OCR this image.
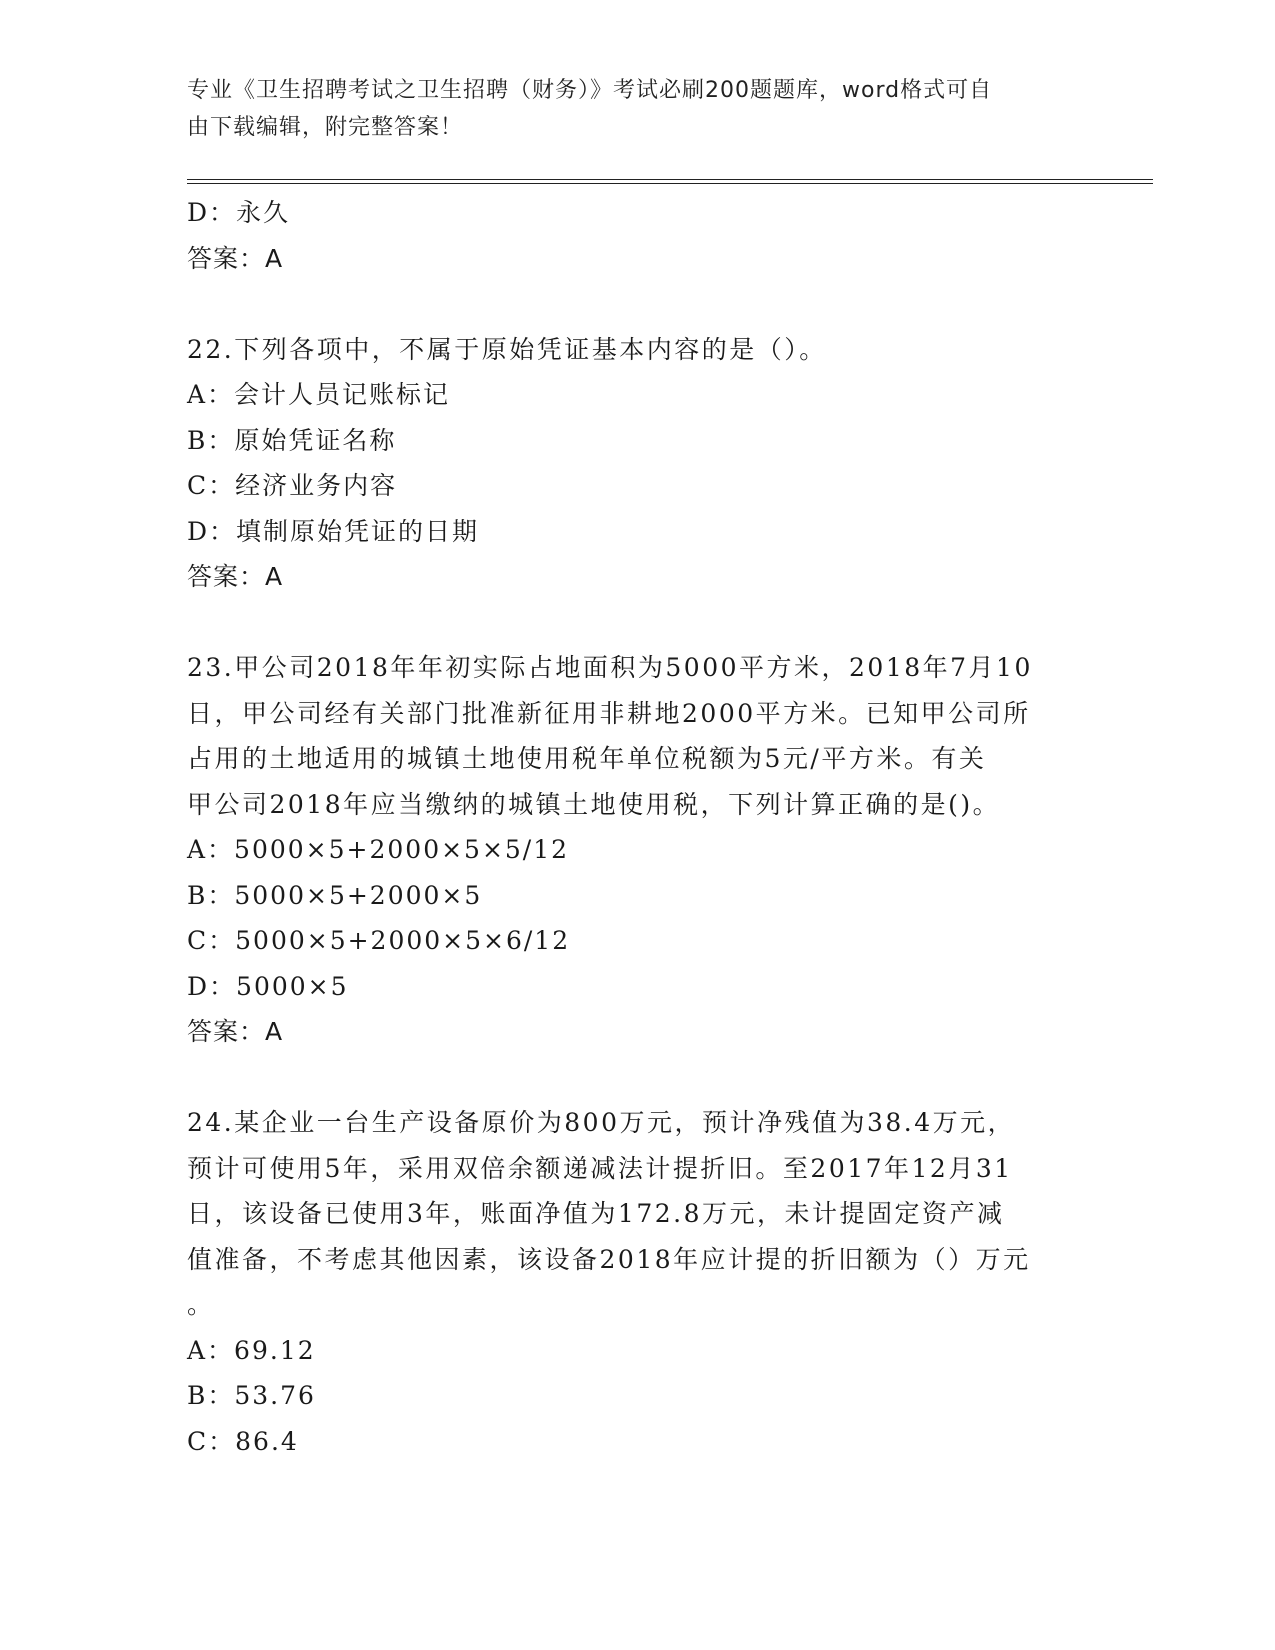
专业《卫生招聘考试之卫生招聘（财务）》考试必刷200题题库，word格式可自
由下载编辑，附完整答案！
D：永久
答案：A
22.下列各项中，不属于原始凭证基本内容的是（）。
A：会计人员记账标记
B：原始凭证名称
C：经济业务内容
D：填制原始凭证的日期
答案：A
23.甲公司2018年年初实际占地面积为5000平方米，2018年7月10
日，甲公司经有关部门批准新征用非耕地2000平方米。已知甲公司所
占用的土地适用的城镇土地使用税年单位税额为5元/平方米。有关
甲公司2018年应当缴纳的城镇土地使用税，下列计算正确的是()。
A：5000×5+2000×5×5/12
B：5000×5+2000×5
C：5000×5+2000×5×6/12
D：5000×5
答案：A
24.某企业一台生产设备原价为800万元，预计净残值为38.4万元，
预计可使用5年，采用双倍余额递减法计提折旧。至2017年12月31
日，该设备已使用3年，账面净值为172.8万元，未计提固定资产减
值准备，不考虑其他因素，该设备2018年应计提的折旧额为（）万元
。
A：69.12
B：53.76
C：86.4
